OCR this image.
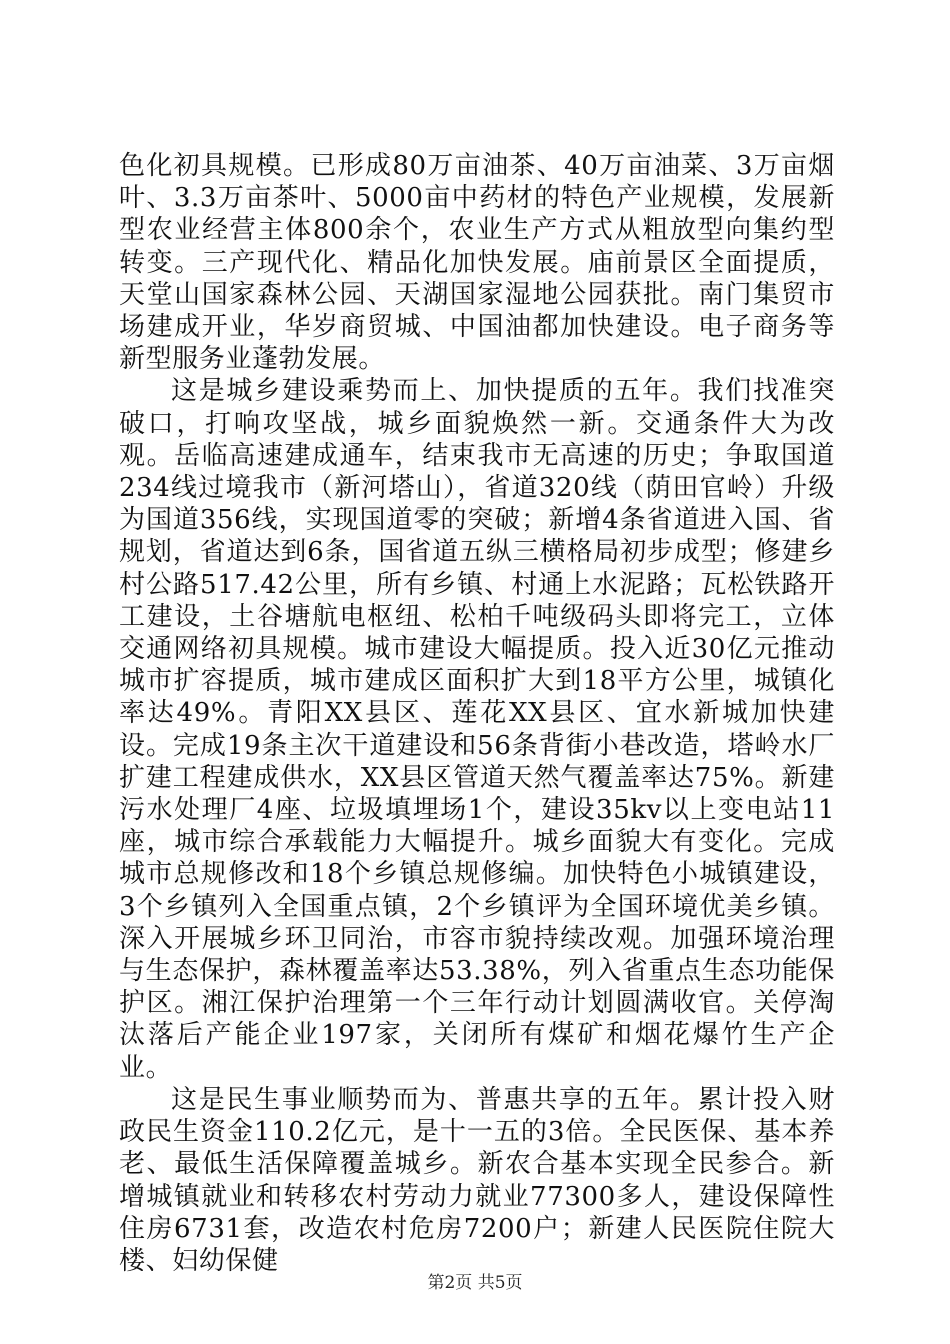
色化初具规模。已形成80万亩油茶、40万亩油菜、3万亩烟叶、3.3万亩茶叶、5000亩中药材的特色产业规模，发展新型农业经营主体800余个，农业生产方式从粗放型向集约型转变。三产现代化、精品化加快发展。庙前景区全面提质，天堂山国家森林公园、天湖国家湿地公园获批。南门集贸市场建成开业，华岁商贸城、中国油都加快建设。电子商务等新型服务业蓬勃发展。

这是城乡建设乘势而上、加快提质的五年。我们找准突破口，打响攻坚战，城乡面貌焕然一新。交通条件大为改观。岳临高速建成通车，结束我市无高速的历史；争取国道234线过境我市（新河塔山），省道320线（荫田官岭）升级为国道356线，实现国道零的突破；新增4条省道进入国、省规划，省道达到6条，国省道五纵三横格局初步成型；修建乡村公路517.42公里，所有乡镇、村通上水泥路；瓦松铁路开工建设，土谷塘航电枢纽、松柏千吨级码头即将完工，立体交通网络初具规模。城市建设大幅提质。投入近30亿元推动城市扩容提质，城市建成区面积扩大到18平方公里，城镇化率达49%。青阳XX县区、莲花XX县区、宜水新城加快建设。完成19条主次干道建设和56条背街小巷改造，塔岭水厂扩建工程建成供水，XX县区管道天然气覆盖率达75%。新建污水处理厂4座、垃圾填埋场1个，建设35kv以上变电站11座，城市综合承载能力大幅提升。城乡面貌大有变化。完成城市总规修改和18个乡镇总规修编。加快特色小城镇建设，3个乡镇列入全国重点镇，2个乡镇评为全国环境优美乡镇。深入开展城乡环卫同治，市容市貌持续改观。加强环境治理与生态保护，森林覆盖率达53.38%，列入省重点生态功能保护区。湘江保护治理第一个三年行动计划圆满收官。关停淘汰落后产能企业197家，关闭所有煤矿和烟花爆竹生产企业。

这是民生事业顺势而为、普惠共享的五年。累计投入财政民生资金110.2亿元，是十一五的3倍。全民医保、基本养老、最低生活保障覆盖城乡。新农合基本实现全民参合。新增城镇就业和转移农村劳动力就业77300多人，建设保障性住房6731套，改造农村危房7200户；新建人民医院住院大楼、妇幼保健

第2页 共5页
